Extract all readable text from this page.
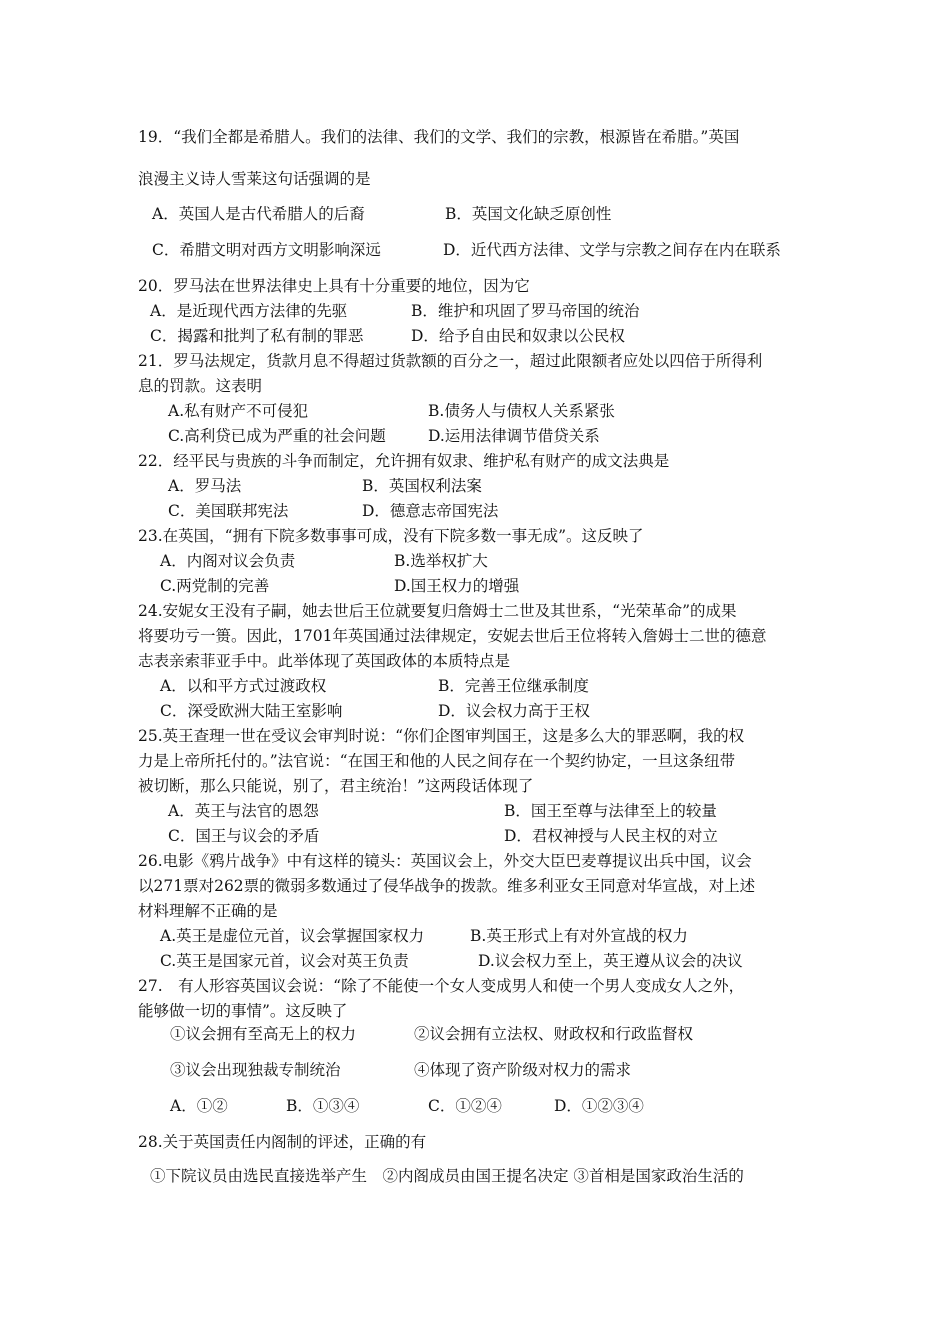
19．“我们全都是希腊人。我们的法律、我们的文学、我们的宗教，根源皆在希腊。”英国
浪漫主义诗人雪莱这句话强调的是
A．英国人是古代希腊人的后裔	B．英国文化缺乏原创性
C．希腊文明对西方文明影响深远	D．近代西方法律、文学与宗教之间存在内在联系
20．罗马法在世界法律史上具有十分重要的地位，因为它
A．是近现代西方法律的先驱	B．维护和巩固了罗马帝国的统治
C．揭露和批判了私有制的罪恶	D．给予自由民和奴隶以公民权
21．罗马法规定，货款月息不得超过货款额的百分之一，超过此限额者应处以四倍于所得利
息的罚款。这表明
A.私有财产不可侵犯	B.债务人与债权人关系紧张
C.高利贷已成为严重的社会问题	D.运用法律调节借贷关系
22．经平民与贵族的斗争而制定，允许拥有奴隶、维护私有财产的成文法典是
A．罗马法	B．英国权利法案
C．美国联邦宪法	D．德意志帝国宪法
23.在英国，“拥有下院多数事事可成，没有下院多数一事无成”。这反映了
A．内阁对议会负责	B.选举权扩大
C.两党制的完善	D.国王权力的增强
24.安妮女王没有子嗣，她去世后王位就要复归詹姆士二世及其世系，“光荣革命”的成果
将要功亏一篑。因此，1701年英国通过法律规定，安妮去世后王位将转入詹姆士二世的德意
志表亲索菲亚手中。此举体现了英国政体的本质特点是
A．以和平方式过渡政权	B．完善王位继承制度
C．深受欧洲大陆王室影响	D．议会权力高于王权
25.英王查理一世在受议会审判时说：“你们企图审判国王，这是多么大的罪恶啊，我的权
力是上帝所托付的。”法官说：“在国王和他的人民之间存在一个契约协定，一旦这条纽带
被切断，那么只能说，别了，君主统治！”这两段话体现了
A．英王与法官的恩怨	B．国王至尊与法律至上的较量
C．国王与议会的矛盾	D．君权神授与人民主权的对立
26.电影《鸦片战争》中有这样的镜头：英国议会上，外交大臣巴麦尊提议出兵中国，议会
以271票对262票的微弱多数通过了侵华战争的拨款。维多利亚女王同意对华宣战，对上述
材料理解不正确的是
A.英王是虚位元首，议会掌握国家权力	B.英王形式上有对外宣战的权力
C.英王是国家元首，议会对英王负责	D.议会权力至上，英王遵从议会的决议
27.　有人形容英国议会说：“除了不能使一个女人变成男人和使一个男人变成女人之外，
能够做一切的事情”。这反映了
①议会拥有至高无上的权力	②议会拥有立法权、财政权和行政监督权
③议会出现独裁专制统治	④体现了资产阶级对权力的需求
A．①②	B．①③④	C．①②④	D．①②③④
28.关于英国责任内阁制的评述，正确的有
①下院议员由选民直接选举产生　②内阁成员由国王提名决定 ③首相是国家政治生活的
